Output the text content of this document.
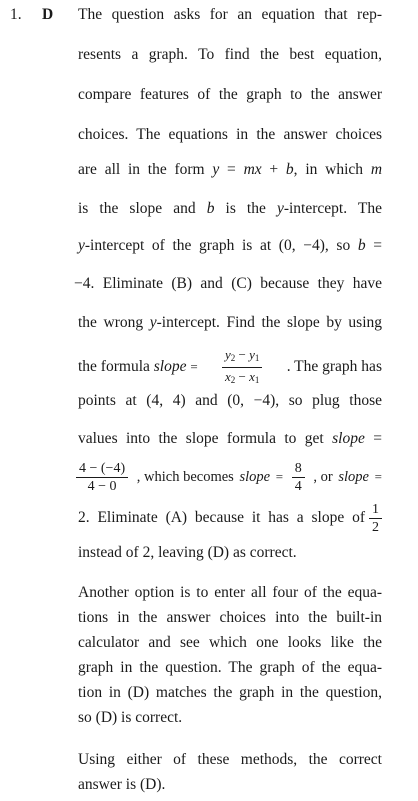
1. D The question asks for an equation that rep-
resents a graph. To find the best equation,
compare features of the graph to the answer
choices. The equations in the answer choices
are all in the form y = mx + b, in which m
is the slope and b is the y-intercept. The
y-intercept of the graph is at (0, −4), so b =
−4. Eliminate (B) and (C) because they have
the wrong y-intercept. Find the slope by using
the formula slope = $\frac{y_2 - y_1}{x_2 - x_1}$ . The graph has
points at (4, 4) and (0, −4), so plug those
values into the slope formula to get slope =
$\frac{4 - (-4)}{4 - 0}$ , which becomes slope = $\frac{8}{4}$ , or slope =
2. Eliminate (A) because it has a slope of $\frac{1}{2}$
instead of 2, leaving (D) as correct.
Another option is to enter all four of the equa-
tions in the answer choices into the built-in
calculator and see which one looks like the
graph in the question. The graph of the equa-
tion in (D) matches the graph in the question,
so (D) is correct.
Using either of these methods, the correct
answer is (D).
